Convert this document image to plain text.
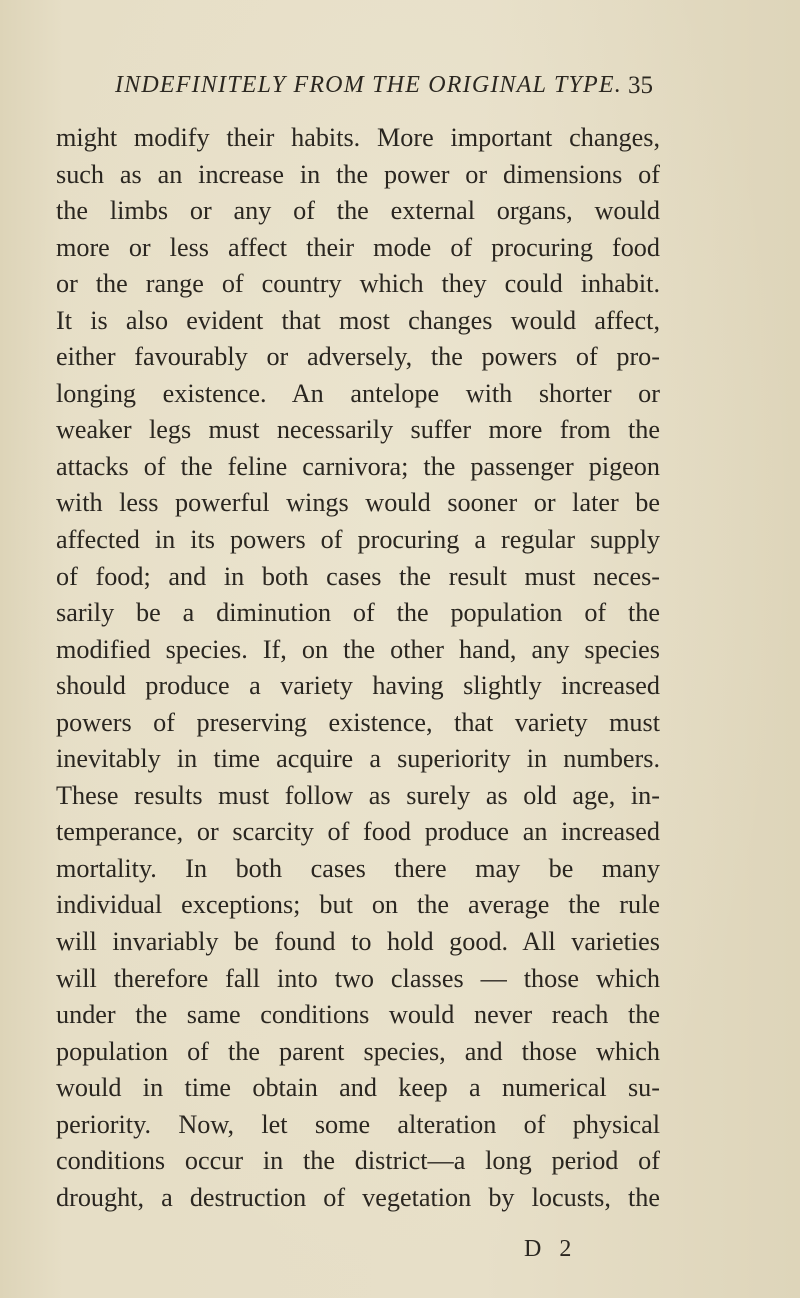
INDEFINITELY FROM THE ORIGINAL TYPE. 35
might modify their habits. More important changes,
such as an increase in the power or dimensions of
the limbs or any of the external organs, would
more or less affect their mode of procuring food
or the range of country which they could inhabit.
It is also evident that most changes would affect,
either favourably or adversely, the powers of pro-
longing existence. An antelope with shorter or
weaker legs must necessarily suffer more from the
attacks of the feline carnivora; the passenger pigeon
with less powerful wings would sooner or later be
affected in its powers of procuring a regular supply
of food; and in both cases the result must neces-
sarily be a diminution of the population of the
modified species. If, on the other hand, any species
should produce a variety having slightly increased
powers of preserving existence, that variety must
inevitably in time acquire a superiority in numbers.
These results must follow as surely as old age, in-
temperance, or scarcity of food produce an increased
mortality. In both cases there may be many
individual exceptions; but on the average the rule
will invariably be found to hold good. All varieties
will therefore fall into two classes — those which
under the same conditions would never reach the
population of the parent species, and those which
would in time obtain and keep a numerical su-
periority. Now, let some alteration of physical
conditions occur in the district—a long period of
drought, a destruction of vegetation by locusts, the
D 2
